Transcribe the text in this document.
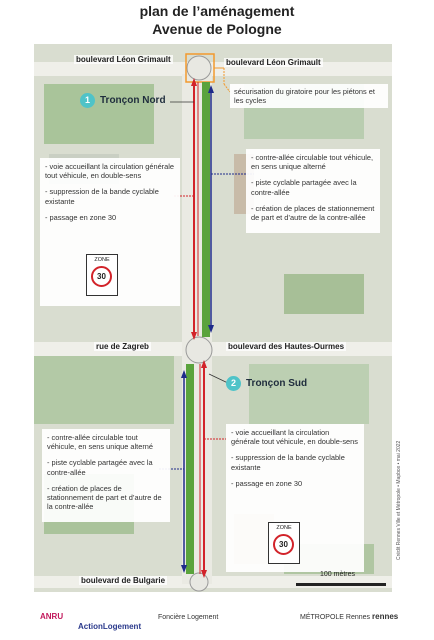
plan de l’aménagement
Avenue de Pologne
boulevard Léon Grimault	boulevard Léon Grimault
rue de Zagreb	boulevard des Hautes-Ourmes
boulevard de Bulgarie
sécurisation du giratoire pour les piétons et les cycles
1	Tronçon Nord

- voie accueillant la circulation générale tout véhicule, en double-sens

- suppression de la bande cyclable existante

- passage en zone 30

ZONE
30

- contre-allée circulable tout véhicule, en sens unique alterné

- piste cyclable partagée avec la contre-allée

- création de places de stationnement de part et d’autre de la contre-allée

2	Tronçon Sud

- contre-allée circulable tout véhicule, en sens unique alterné

- piste cyclable partagée avec la contre-allée

- création de places de stationnement de part et d’autre de la contre-allée

- voie accueillant la circulation générale tout véhicule, en double-sens

- suppression de la bande cyclable existante

- passage en zone 30

ZONE
30
100 mètres
Crédit Rennes Ville et Métropole • Mapbox • mai 2022
ANRU
ActionLogement
Foncière Logement	MÉTROPOLE Rennes rennes
